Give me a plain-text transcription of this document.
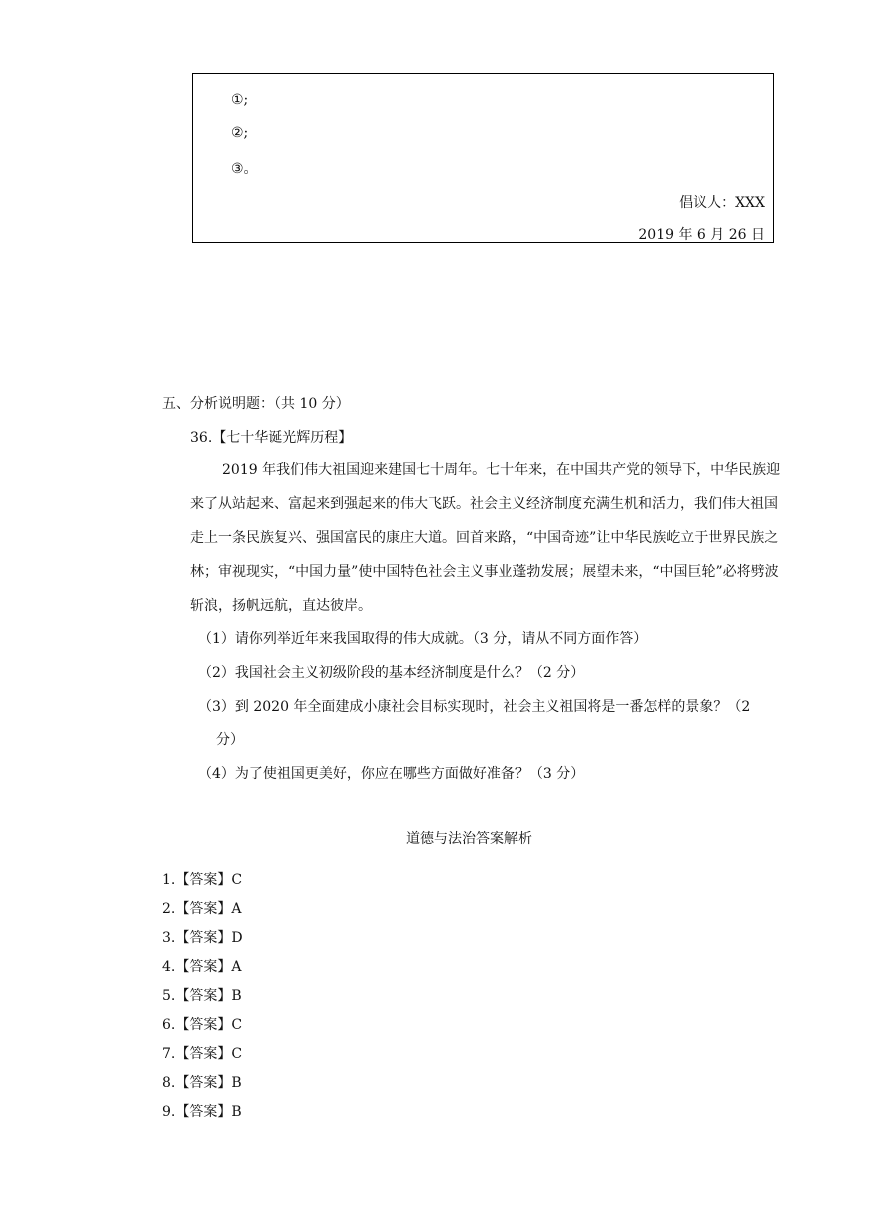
①;
②;
③。
倡议人：XXX
2019 年 6 月 26 日
五、分析说明题：（共 10 分）
36.【七十华诞光辉历程】

2019 年我们伟大祖国迎来建国七十周年。七十年来，在中国共产党的领导下，中华民族迎来了从站起来、富起来到强起来的伟大飞跃。社会主义经济制度充满生机和活力，我们伟大祖国走上一条民族复兴、强国富民的康庄大道。回首来路，“中国奇迹”让中华民族屹立于世界民族之林；审视现实，“中国力量”使中国特色社会主义事业蓬勃发展；展望未来，“中国巨轮”必将劈波斩浪，扬帆远航，直达彼岸。

（1）请你列举近年来我国取得的伟大成就。（3 分，请从不同方面作答）
（2）我国社会主义初级阶段的基本经济制度是什么？（2 分）
（3）到 2020 年全面建成小康社会目标实现时，社会主义祖国将是一番怎样的景象？（2
分）
（4）为了使祖国更美好，你应在哪些方面做好准备？（3 分）
道德与法治答案解析
1.【答案】C
2.【答案】A
3.【答案】D
4.【答案】A
5.【答案】B
6.【答案】C
7.【答案】C
8.【答案】B
9.【答案】B
